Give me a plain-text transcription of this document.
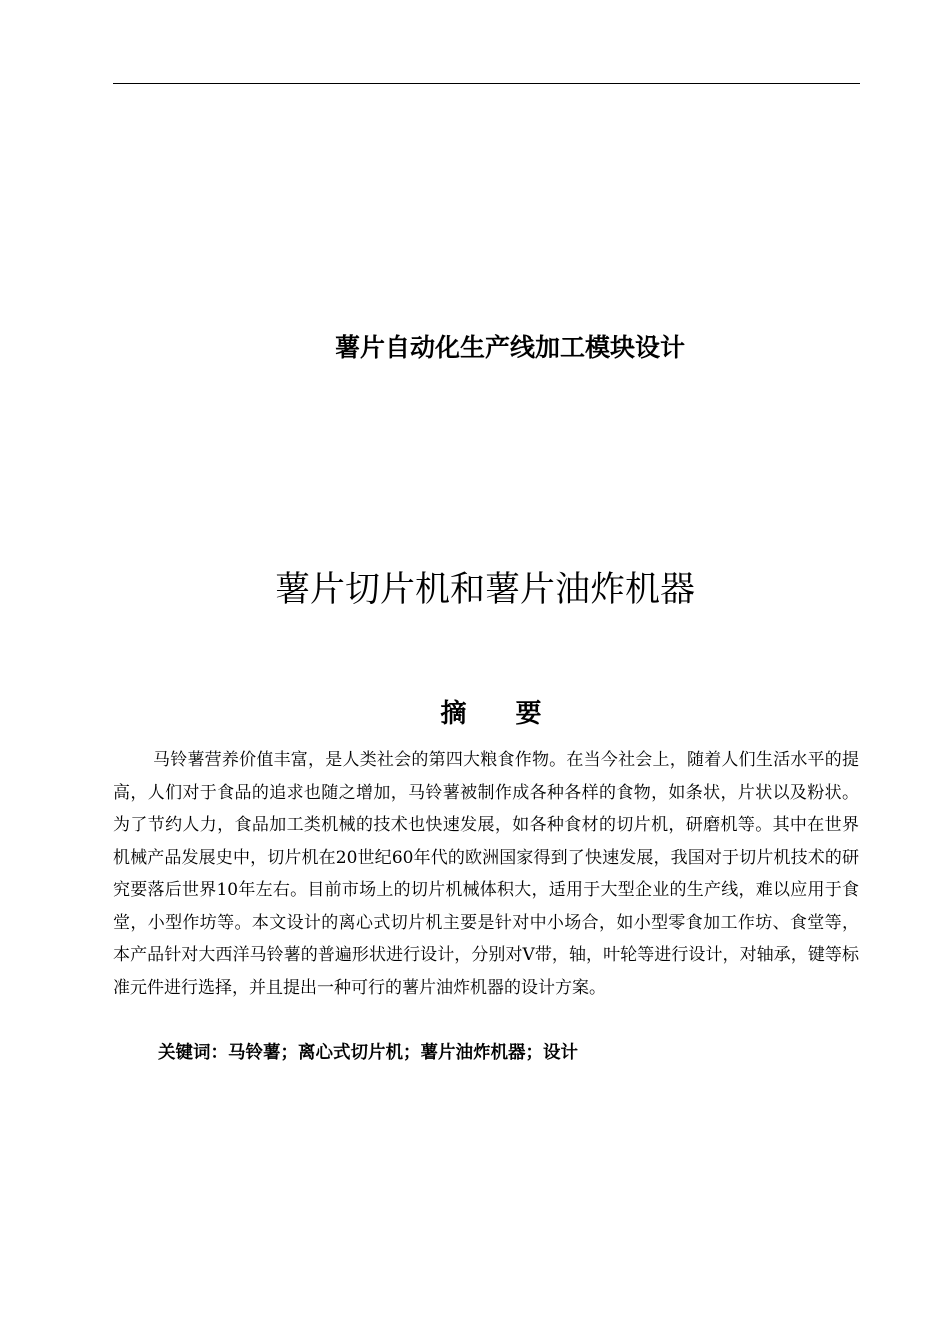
薯片自动化生产线加工模块设计
薯片切片机和薯片油炸机器
摘 要

马铃薯营养价值丰富，是人类社会的第四大粮食作物。在当今社会上，随着人们生活水平的提高，人们对于食品的追求也随之增加，马铃薯被制作成各种各样的食物，如条状，片状以及粉状。为了节约人力，食品加工类机械的技术也快速发展，如各种食材的切片机，研磨机等。其中在世界机械产品发展史中，切片机在20世纪60年代的欧洲国家得到了快速发展，我国对于切片机技术的研究要落后世界10年左右。目前市场上的切片机械体积大，适用于大型企业的生产线，难以应用于食堂，小型作坊等。本文设计的离心式切片机主要是针对中小场合，如小型零食加工作坊、食堂等，本产品针对大西洋马铃薯的普遍形状进行设计，分别对V带，轴，叶轮等进行设计，对轴承，键等标准元件进行选择，并且提出一种可行的薯片油炸机器的设计方案。

关键词：马铃薯；离心式切片机；薯片油炸机器；设计
